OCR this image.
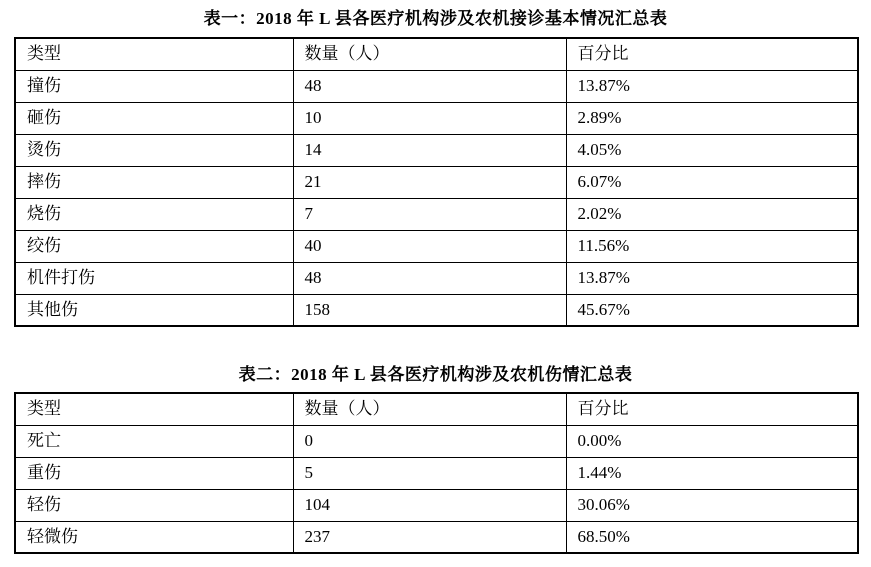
表一：2018 年 L 县各医疗机构涉及农机接诊基本情况汇总表
类型	数量（人）	百分比
撞伤	48	13.87%
砸伤	10	2.89%
烫伤	14	4.05%
摔伤	21	6.07%
烧伤	7	2.02%
绞伤	40	11.56%
机件打伤	48	13.87%
其他伤	158	45.67%
表二：2018 年 L 县各医疗机构涉及农机伤情汇总表
类型	数量（人）	百分比
死亡	0	0.00%
重伤	5	1.44%
轻伤	104	30.06%
轻微伤	237	68.50%
